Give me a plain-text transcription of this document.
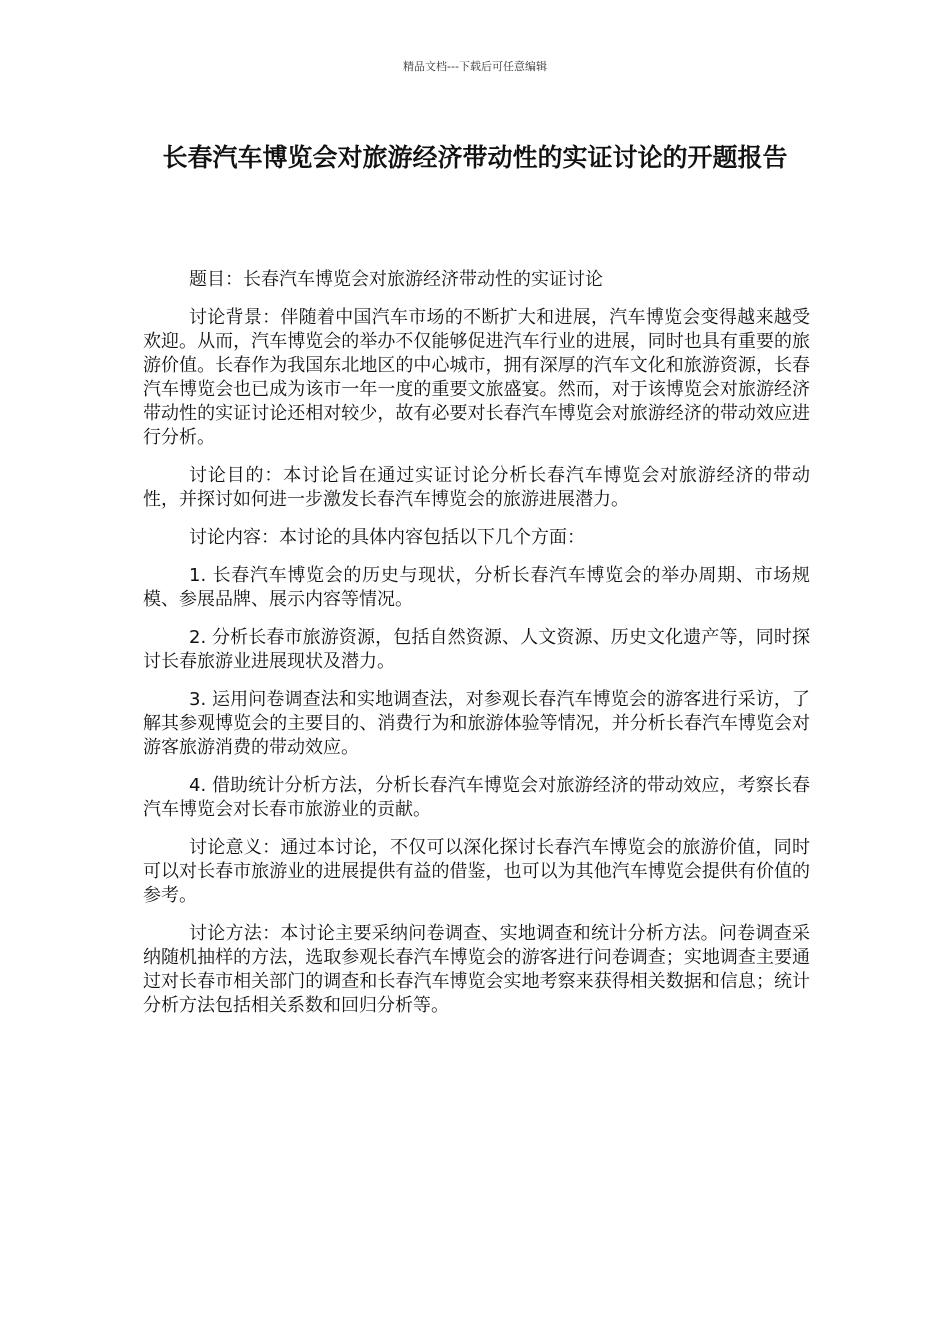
精品文档---下载后可任意编辑
长春汽车博览会对旅游经济带动性的实证讨论的开题报告

题目：长春汽车博览会对旅游经济带动性的实证讨论

讨论背景：伴随着中国汽车市场的不断扩大和进展，汽车博览会变得越来越受欢迎。从而，汽车博览会的举办不仅能够促进汽车行业的进展，同时也具有重要的旅游价值。长春作为我国东北地区的中心城市，拥有深厚的汽车文化和旅游资源，长春汽车博览会也已成为该市一年一度的重要文旅盛宴。然而，对于该博览会对旅游经济带动性的实证讨论还相对较少，故有必要对长春汽车博览会对旅游经济的带动效应进行分析。

讨论目的：本讨论旨在通过实证讨论分析长春汽车博览会对旅游经济的带动性，并探讨如何进一步激发长春汽车博览会的旅游进展潜力。

讨论内容：本讨论的具体内容包括以下几个方面：

1. 长春汽车博览会的历史与现状，分析长春汽车博览会的举办周期、市场规模、参展品牌、展示内容等情况。

2. 分析长春市旅游资源，包括自然资源、人文资源、历史文化遗产等，同时探讨长春旅游业进展现状及潜力。

3. 运用问卷调查法和实地调查法，对参观长春汽车博览会的游客进行采访，了解其参观博览会的主要目的、消费行为和旅游体验等情况，并分析长春汽车博览会对游客旅游消费的带动效应。

4. 借助统计分析方法，分析长春汽车博览会对旅游经济的带动效应，考察长春汽车博览会对长春市旅游业的贡献。

讨论意义：通过本讨论，不仅可以深化探讨长春汽车博览会的旅游价值，同时可以对长春市旅游业的进展提供有益的借鉴，也可以为其他汽车博览会提供有价值的参考。

讨论方法：本讨论主要采纳问卷调查、实地调查和统计分析方法。问卷调查采纳随机抽样的方法，选取参观长春汽车博览会的游客进行问卷调查；实地调查主要通过对长春市相关部门的调查和长春汽车博览会实地考察来获得相关数据和信息；统计分析方法包括相关系数和回归分析等。
